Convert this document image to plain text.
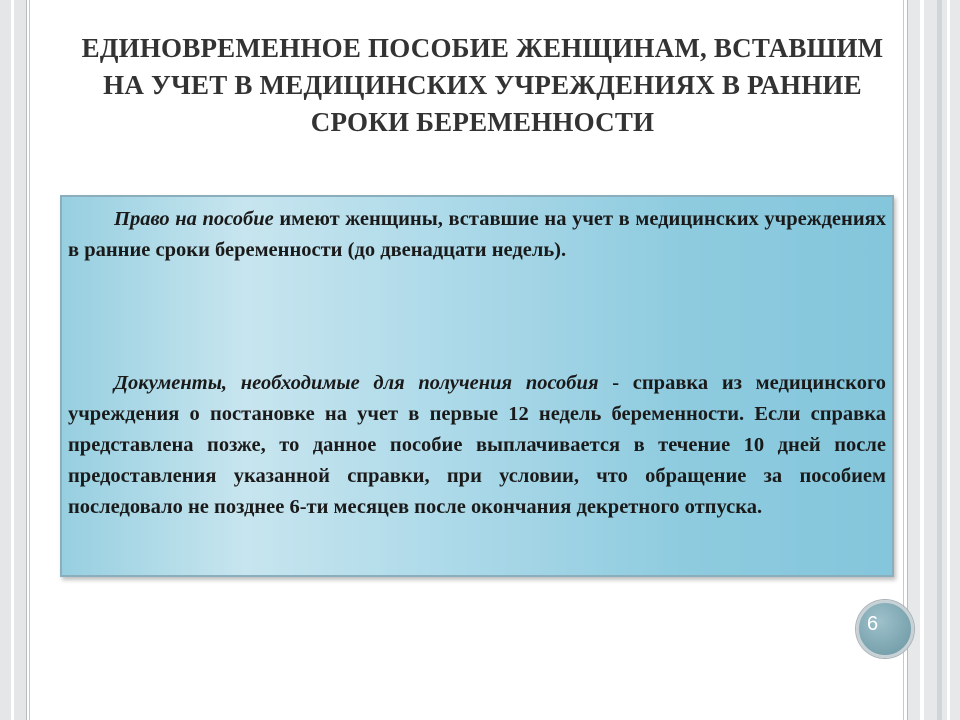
ЕДИНОВРЕМЕННОЕ ПОСОБИЕ ЖЕНЩИНАМ, ВСТАВШИМ НА УЧЕТ В МЕДИЦИНСКИХ УЧРЕЖДЕНИЯХ В РАННИЕ СРОКИ БЕРЕМЕННОСТИ

Право на пособие имеют женщины, вставшие на учет в медицинских учреждениях в ранние сроки беременности (до двенадцати недель).

Документы, необходимые для получения пособия - справка из медицинского учреждения о постановке на учет в первые 12 недель беременности. Если справка представлена позже, то данное пособие выплачивается в течение 10 дней после предоставления указанной справки, при условии, что обращение за пособием последовало не позднее 6-ти месяцев после окончания декретного отпуска.

6
